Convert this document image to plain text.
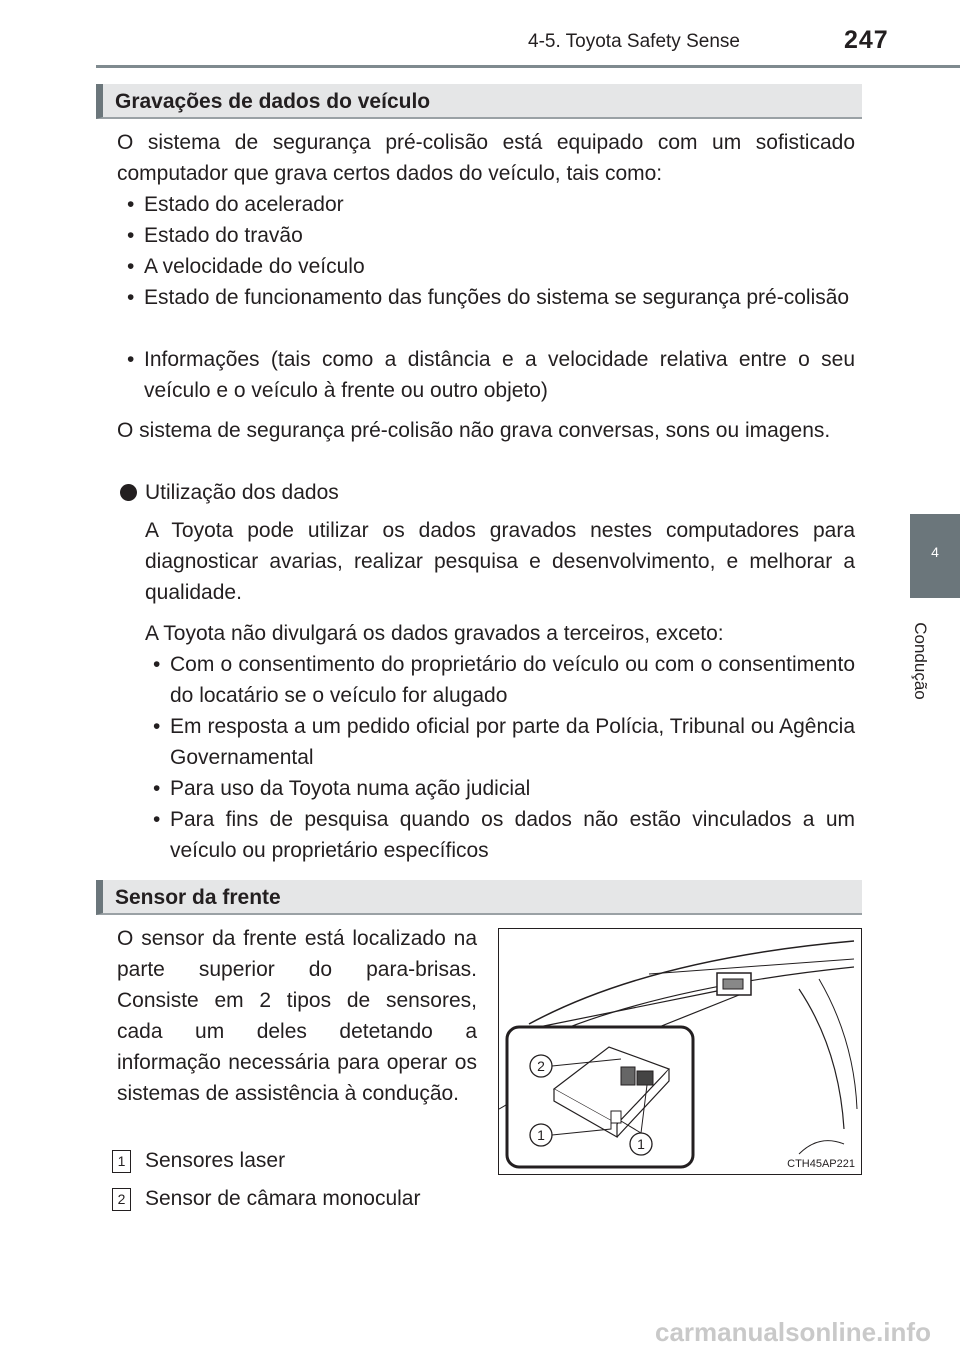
4-5. Toyota Safety Sense	247
4
Condução
Gravações de dados do veículo
O sistema de segurança pré-colisão está equipado com um sofisticado computador que grava certos dados do veículo, tais como:
• Estado do acelerador
• Estado do travão
• A velocidade do veículo
• Estado de funcionamento das funções do sistema se segurança pré-colisão
• Informações (tais como a distância e a velocidade relativa entre o seu veículo e o veículo à frente ou outro objeto)
O sistema de segurança pré-colisão não grava conversas, sons ou imagens.
Utilização dos dados
A Toyota pode utilizar os dados gravados nestes computadores para diagnosticar avarias, realizar pesquisa e desenvolvimento, e melhorar a qualidade.
A Toyota não divulgará os dados gravados a terceiros, exceto:
• Com o consentimento do proprietário do veículo ou com o consentimento do locatário se o veículo for alugado
• Em resposta a um pedido oficial por parte da Polícia, Tribunal ou Agência Governamental
• Para uso da Toyota numa ação judicial
• Para fins de pesquisa quando os dados não estão vinculados a um veículo ou proprietário específicos
Sensor da frente
O sensor da frente está localizado na parte superior do para-brisas. Consiste em 2 tipos de sensores, cada um deles detetando a informação necessária para operar os sistemas de assistência à condução.
1 Sensores laser
2 Sensor de câmara monocular
2
1
1
CTH45AP221
carmanualsonline.info
